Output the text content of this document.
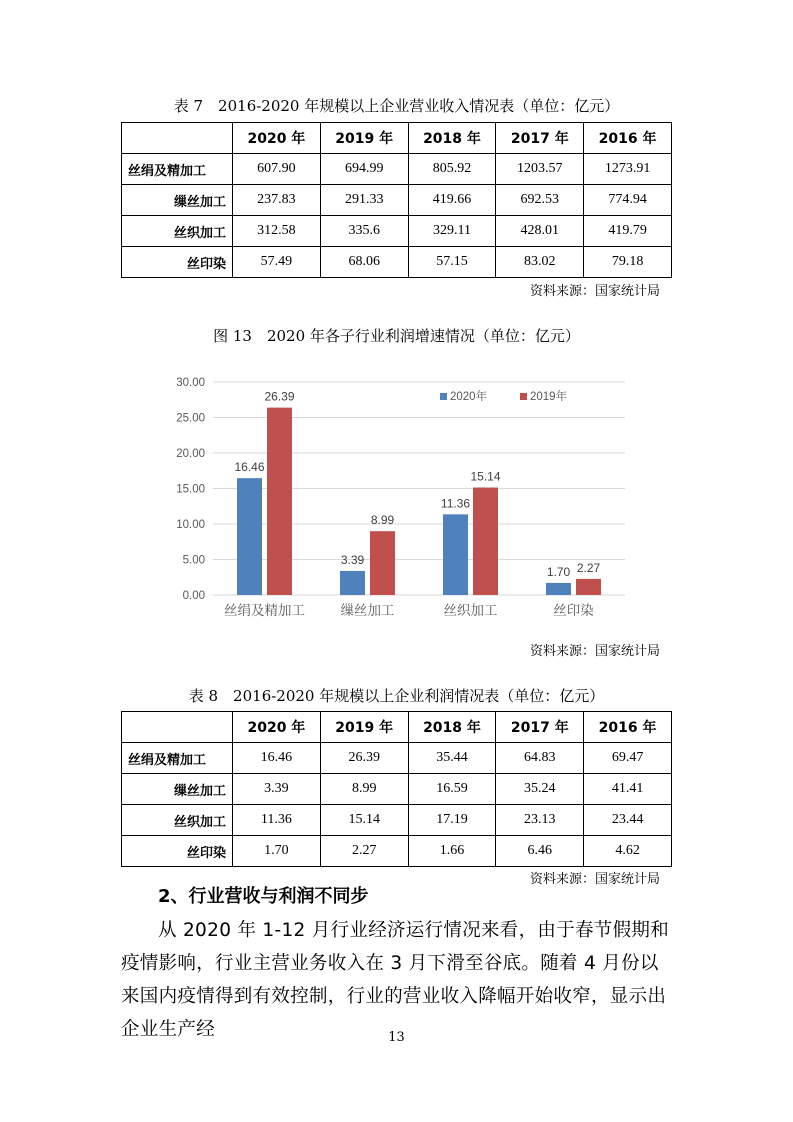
表 7　2016-2020 年规模以上企业营业收入情况表（单位：亿元）
	2020 年	2019 年	2018 年	2017 年	2016 年
丝绢及精加工	607.90	694.99	805.92	1203.57	1273.91
缫丝加工	237.83	291.33	419.66	692.53	774.94
丝织加工	312.58	335.6	329.11	428.01	419.79
丝印染	57.49	68.06	57.15	83.02	79.18
资料来源：国家统计局
图 13　2020 年各子行业利润增速情况（单位：亿元）
0.00
5.00
10.00
15.00
20.00
25.00
30.00
16.46
26.39
丝绢及精加工
3.39
8.99
缫丝加工
11.36
15.14
丝织加工
1.70 2.27
丝印染
2020年	2019年
资料来源：国家统计局
表 8　2016-2020 年规模以上企业利润情况表（单位：亿元）
	2020 年	2019 年	2018 年	2017 年	2016 年
丝绢及精加工	16.46	26.39	35.44	64.83	69.47
缫丝加工	3.39	8.99	16.59	35.24	41.41
丝织加工	11.36	15.14	17.19	23.13	23.44
丝印染	1.70	2.27	1.66	6.46	4.62
资料来源：国家统计局
2、行业营收与利润不同步
从 2020 年 1-12 月行业经济运行情况来看，由于春节假期和疫情影响，行业主营业务收入在 3 月下滑至谷底。随着 4 月份以来国内疫情得到有效控制，行业的营业收入降幅开始收窄，显示出企业生产经	13
